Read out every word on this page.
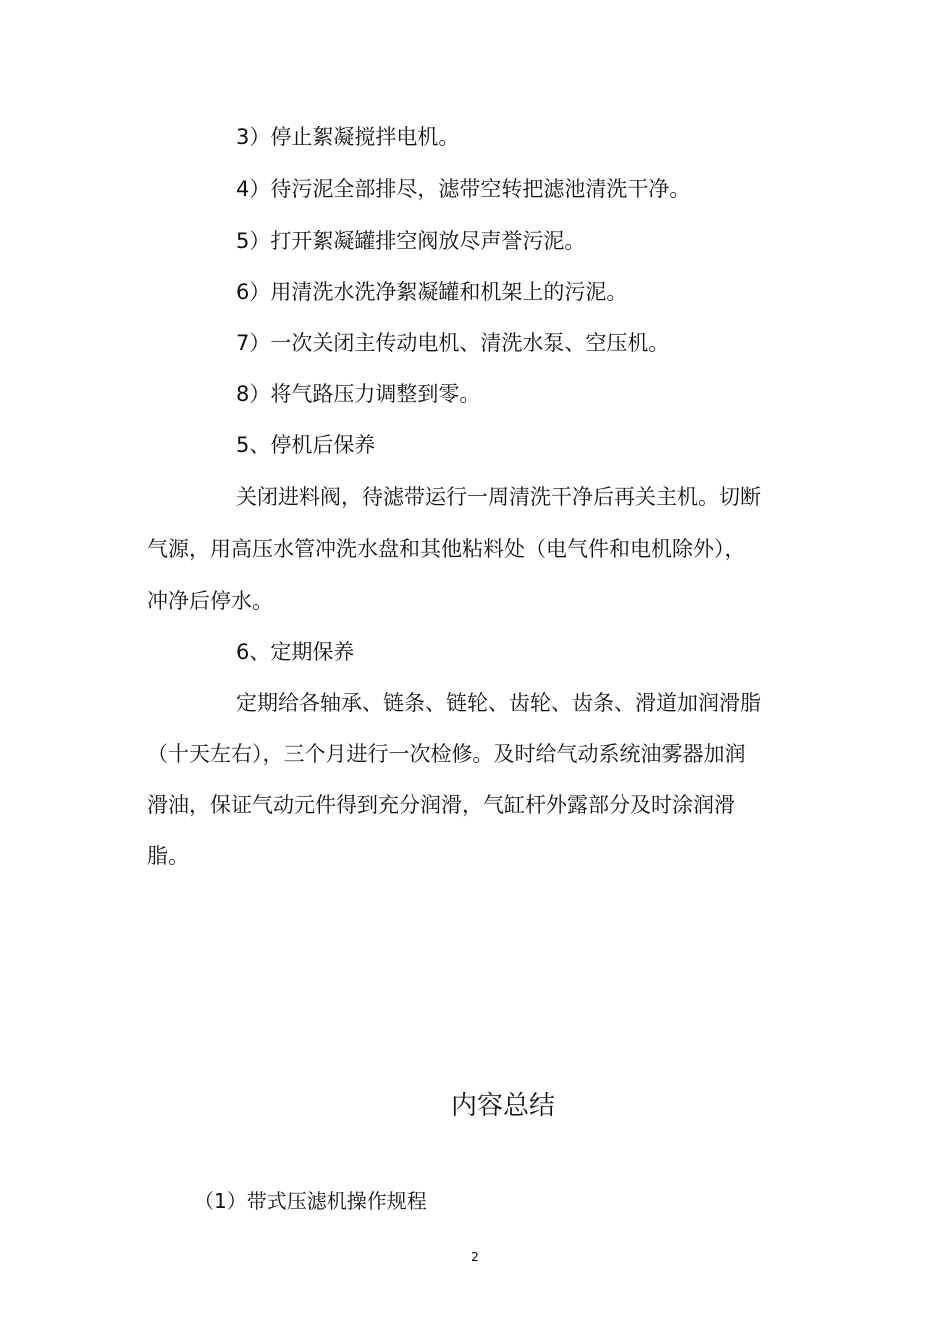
3）停止絮凝搅拌电机。
4）待污泥全部排尽，滤带空转把滤池清洗干净。
5）打开絮凝罐排空阀放尽声誉污泥。
6）用清洗水洗净絮凝罐和机架上的污泥。
7）一次关闭主传动电机、清洗水泵、空压机。
8）将气路压力调整到零。
5、停机后保养
关闭进料阀，待滤带运行一周清洗干净后再关主机。切断
气源，用高压水管冲洗水盘和其他粘料处（电气件和电机除外），
冲净后停水。
6、定期保养
定期给各轴承、链条、链轮、齿轮、齿条、滑道加润滑脂
（十天左右），三个月进行一次检修。及时给气动系统油雾器加润
滑油，保证气动元件得到充分润滑，气缸杆外露部分及时涂润滑
脂。
内容总结
（1）带式压滤机操作规程
2
